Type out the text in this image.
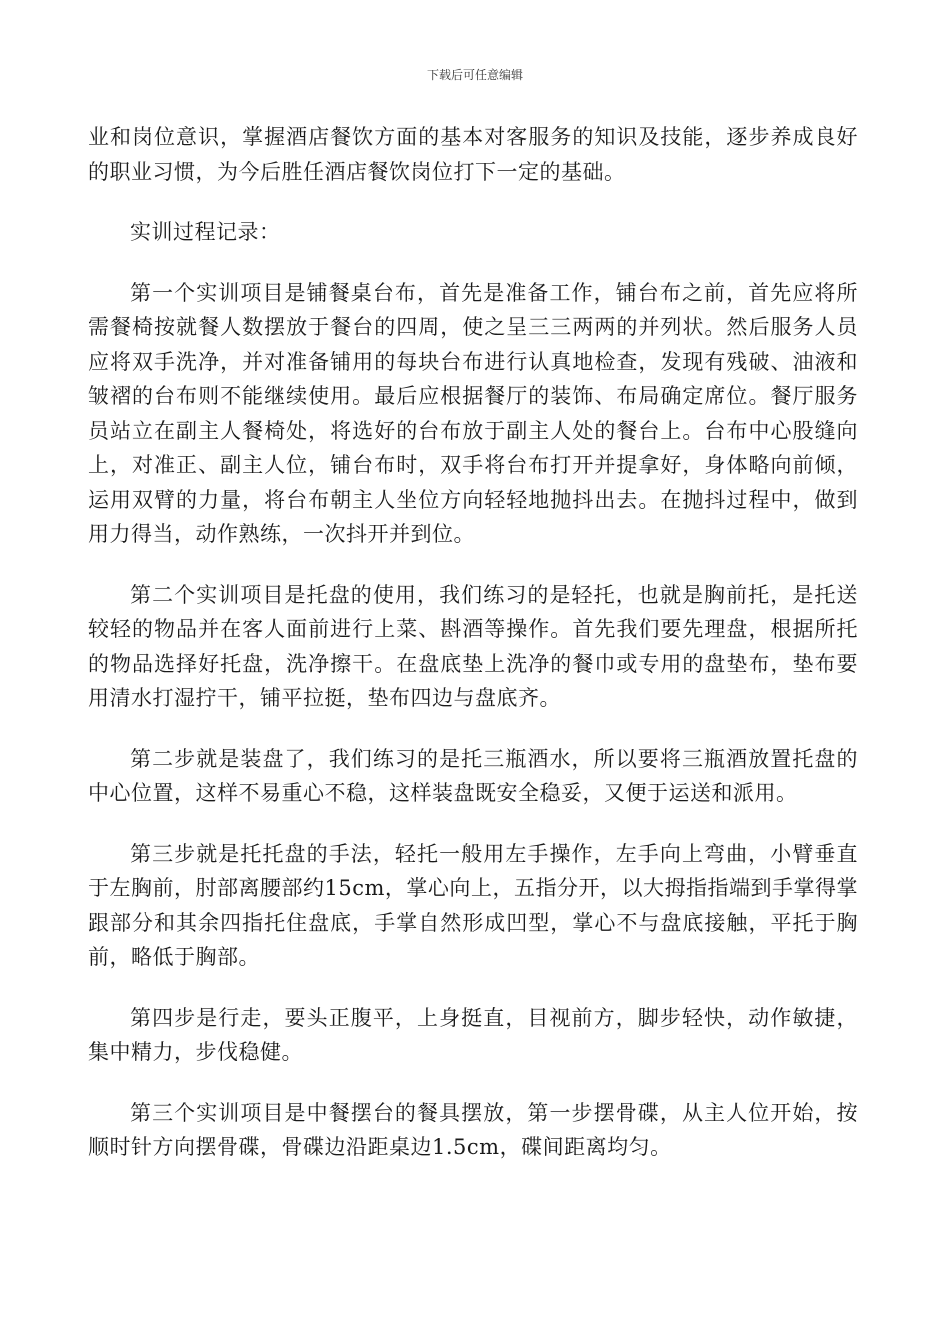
下载后可任意编辑

业和岗位意识，掌握酒店餐饮方面的基本对客服务的知识及技能，逐步养成良好的职业习惯，为今后胜任酒店餐饮岗位打下一定的基础。

实训过程记录：

第一个实训项目是铺餐桌台布，首先是准备工作，铺台布之前，首先应将所需餐椅按就餐人数摆放于餐台的四周，使之呈三三两两的并列状。然后服务人员应将双手洗净，并对准备铺用的每块台布进行认真地检查，发现有残破、油液和皱褶的台布则不能继续使用。最后应根据餐厅的装饰、布局确定席位。餐厅服务员站立在副主人餐椅处，将选好的台布放于副主人处的餐台上。台布中心股缝向上，对准正、副主人位，铺台布时，双手将台布打开并提拿好，身体略向前倾，运用双臂的力量，将台布朝主人坐位方向轻轻地抛抖出去。在抛抖过程中，做到用力得当，动作熟练，一次抖开并到位。

第二个实训项目是托盘的使用，我们练习的是轻托，也就是胸前托，是托送较轻的物品并在客人面前进行上菜、斟酒等操作。首先我们要先理盘，根据所托的物品选择好托盘，洗净擦干。在盘底垫上洗净的餐巾或专用的盘垫布，垫布要用清水打湿拧干，铺平拉挺，垫布四边与盘底齐。

第二步就是装盘了，我们练习的是托三瓶酒水，所以要将三瓶酒放置托盘的中心位置，这样不易重心不稳，这样装盘既安全稳妥，又便于运送和派用。

第三步就是托托盘的手法，轻托一般用左手操作，左手向上弯曲，小臂垂直于左胸前，肘部离腰部约15cm，掌心向上，五指分开，以大拇指指端到手掌得掌跟部分和其余四指托住盘底，手掌自然形成凹型，掌心不与盘底接触，平托于胸前，略低于胸部。

第四步是行走，要头正腹平，上身挺直，目视前方，脚步轻快，动作敏捷，集中精力，步伐稳健。

第三个实训项目是中餐摆台的餐具摆放，第一步摆骨碟，从主人位开始，按顺时针方向摆骨碟，骨碟边沿距桌边1.5cm，碟间距离均匀。
